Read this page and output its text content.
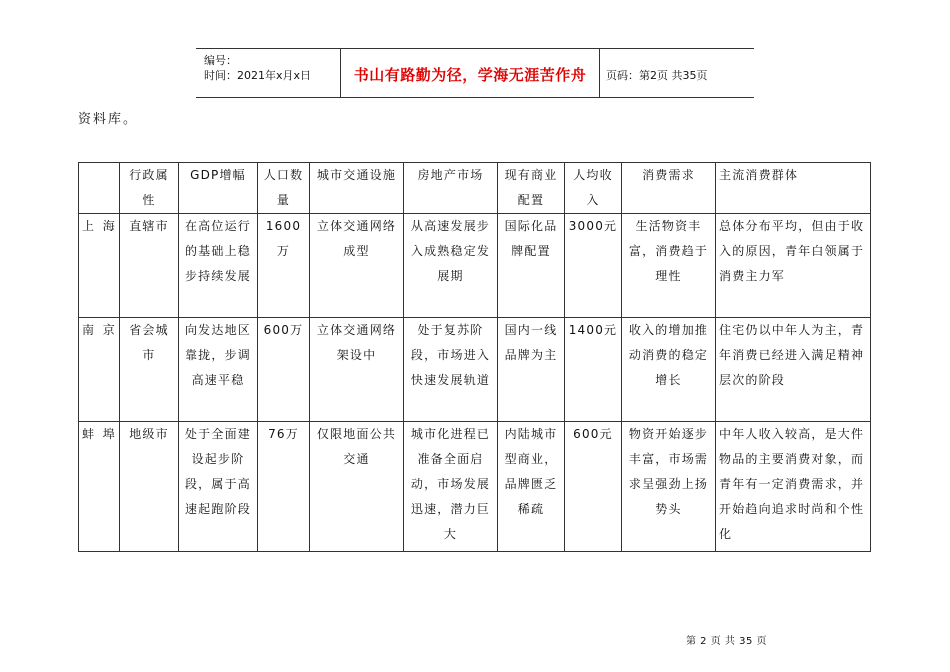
编号：
时间：2021年x月x日	书山有路勤为径，学海无涯苦作舟	页码：第2页 共35页
资料库。
	行政属性	GDP增幅	人口数量	城市交通设施	房地产市场	现有商业配置	人均收入	消费需求	主流消费群体
上海	直辖市	在高位运行的基础上稳步持续发展	1600万	立体交通网络成型	从高速发展步入成熟稳定发展期	国际化品牌配置	3000元	生活物资丰富，消费趋于理性	总体分布平均，但由于收入的原因，青年白领属于消费主力军
南京	省会城市	向发达地区靠拢，步调高速平稳	600万	立体交通网络架设中	处于复苏阶段，市场进入快速发展轨道	国内一线品牌为主	1400元	收入的增加推动消费的稳定增长	住宅仍以中年人为主，青年消费已经进入满足精神层次的阶段
蚌埠	地级市	处于全面建设起步阶段，属于高速起跑阶段	76万	仅限地面公共交通	城市化进程已准备全面启动，市场发展迅速，潜力巨大	内陆城市型商业，品牌匮乏稀疏	600元	物资开始逐步丰富，市场需求呈强劲上扬势头	中年人收入较高，是大件物品的主要消费对象，而青年有一定消费需求，并开始趋向追求时尚和个性化
第 2 页 共 35 页
